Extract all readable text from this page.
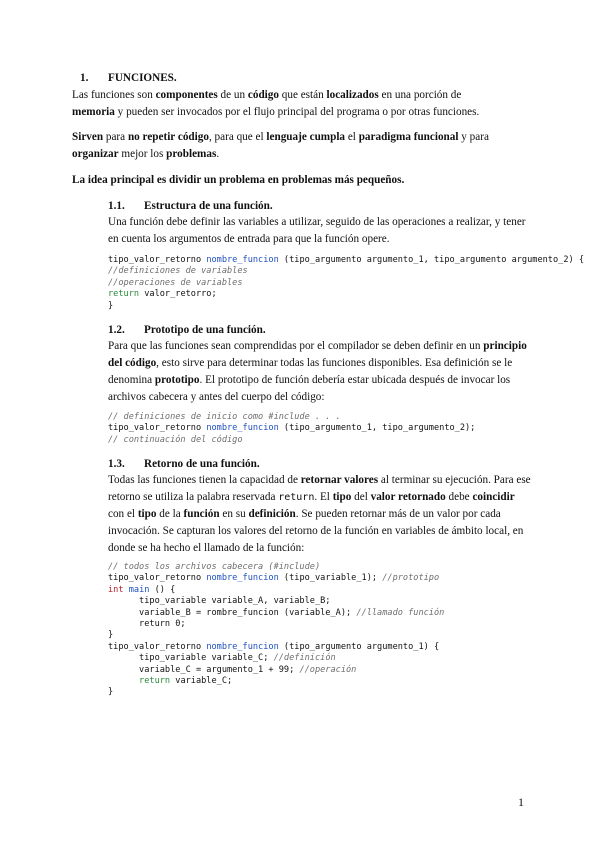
1. FUNCIONES.

Las funciones son componentes de un código que están localizados en una porción de
memoria y pueden ser invocados por el flujo principal del programa o por otras funciones.

Sirven para no repetir código, para que el lenguaje cumpla el paradigma funcional y para
organizar mejor los problemas.

La idea principal es dividir un problema en problemas más pequeños.

1.1. Estructura de una función.

Una función debe definir las variables a utilizar, seguido de las operaciones a realizar, y tener en cuenta los argumentos de entrada para que la función opere.

tipo_valor_retorno nombre_funcion (tipo_argumento argumento_1, tipo_argumento argumento_2) {
//definiciones de variables
//operaciones de variables
return valor_retorro;
}
1.2. Prototipo de una función.

Para que las funciones sean comprendidas por el compilador se deben definir en un principio del código, esto sirve para determinar todas las funciones disponibles. Esa definición se le denomina prototipo. El prototipo de función debería estar ubicada después de invocar los archivos cabecera y antes del cuerpo del código:

// definiciones de inicio como #include . . .
tipo_valor_retorno nombre_funcion (tipo_argumento_1, tipo_argumento_2);
// continuación del código
1.3. Retorno de una función.

Todas las funciones tienen la capacidad de retornar valores al terminar su ejecución. Para ese retorno se utiliza la palabra reservada return. El tipo del valor retornado debe coincidir con el tipo de la función en su definición. Se pueden retornar más de un valor por cada invocación. Se capturan los valores del retorno de la función en variables de ámbito local, en donde se ha hecho el llamado de la función:

// todos los archivos cabecera (#include)
tipo_valor_retorno nombre_funcion (tipo_variable_1); //prototipo
int main () {
tipo_variable variable_A, variable_B;
variable_B = rombre_funcion (variable_A); //llamado función
return 0;
}
tipo_valor_retorno nombre_funcion (tipo_argumento argumento_1) {
tipo_variable variable_C; //definición
variable_C = argumento_1 + 99; //operación
return variable_C;
}
1
